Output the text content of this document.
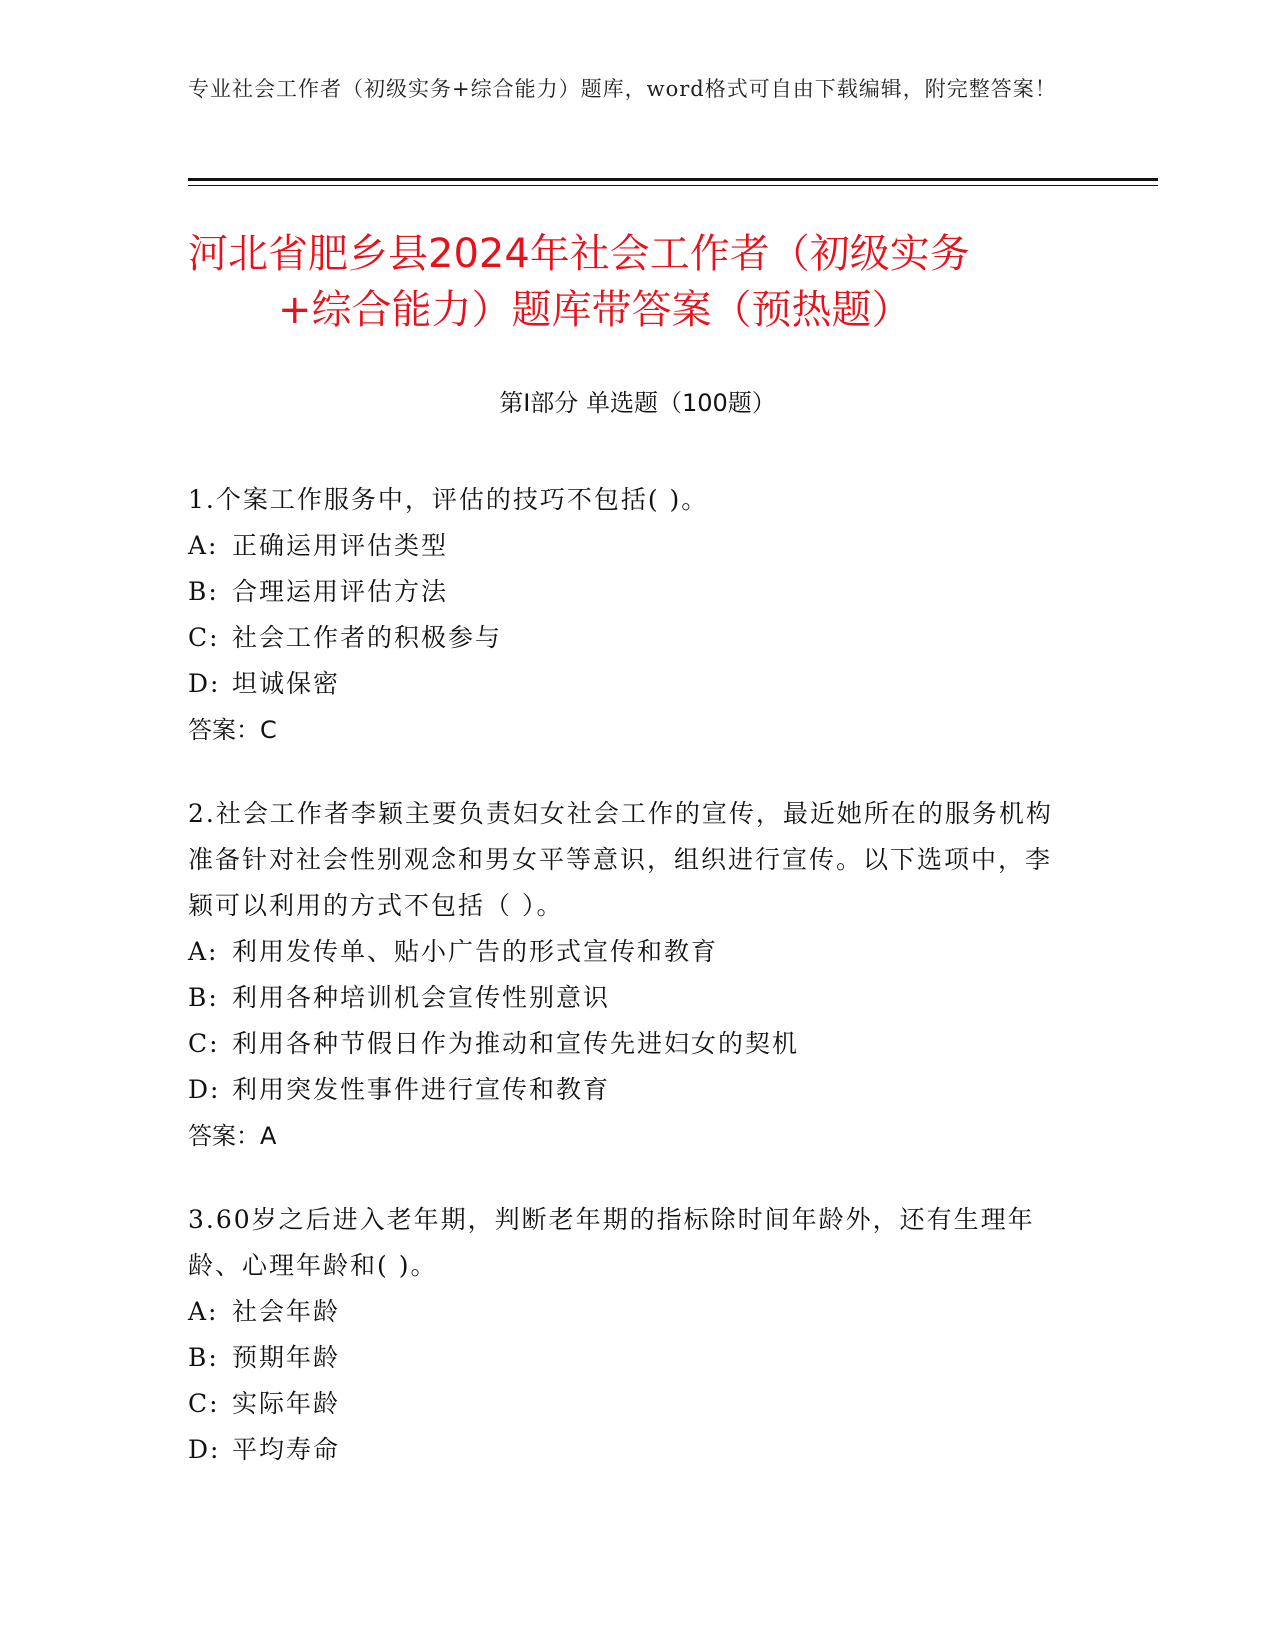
专业社会工作者（初级实务+综合能力）题库，word格式可自由下载编辑，附完整答案！
河北省肥乡县2024年社会工作者（初级实务
+综合能力）题库带答案（预热题）
第Ⅰ部分 单选题（100题）
1.个案工作服务中，评估的技巧不包括( )。
A: 正确运用评估类型
B: 合理运用评估方法
C: 社会工作者的积极参与
D: 坦诚保密
答案：C
2.社会工作者李颖主要负责妇女社会工作的宣传，最近她所在的服务机构准备针对社会性别观念和男女平等意识，组织进行宣传。以下选项中，李颖可以利用的方式不包括（ ）。
A: 利用发传单、贴小广告的形式宣传和教育
B: 利用各种培训机会宣传性别意识
C: 利用各种节假日作为推动和宣传先进妇女的契机
D: 利用突发性事件进行宣传和教育
答案：A
3.60岁之后进入老年期，判断老年期的指标除时间年龄外，还有生理年龄、心理年龄和( )。
A: 社会年龄
B: 预期年龄
C: 实际年龄
D: 平均寿命
